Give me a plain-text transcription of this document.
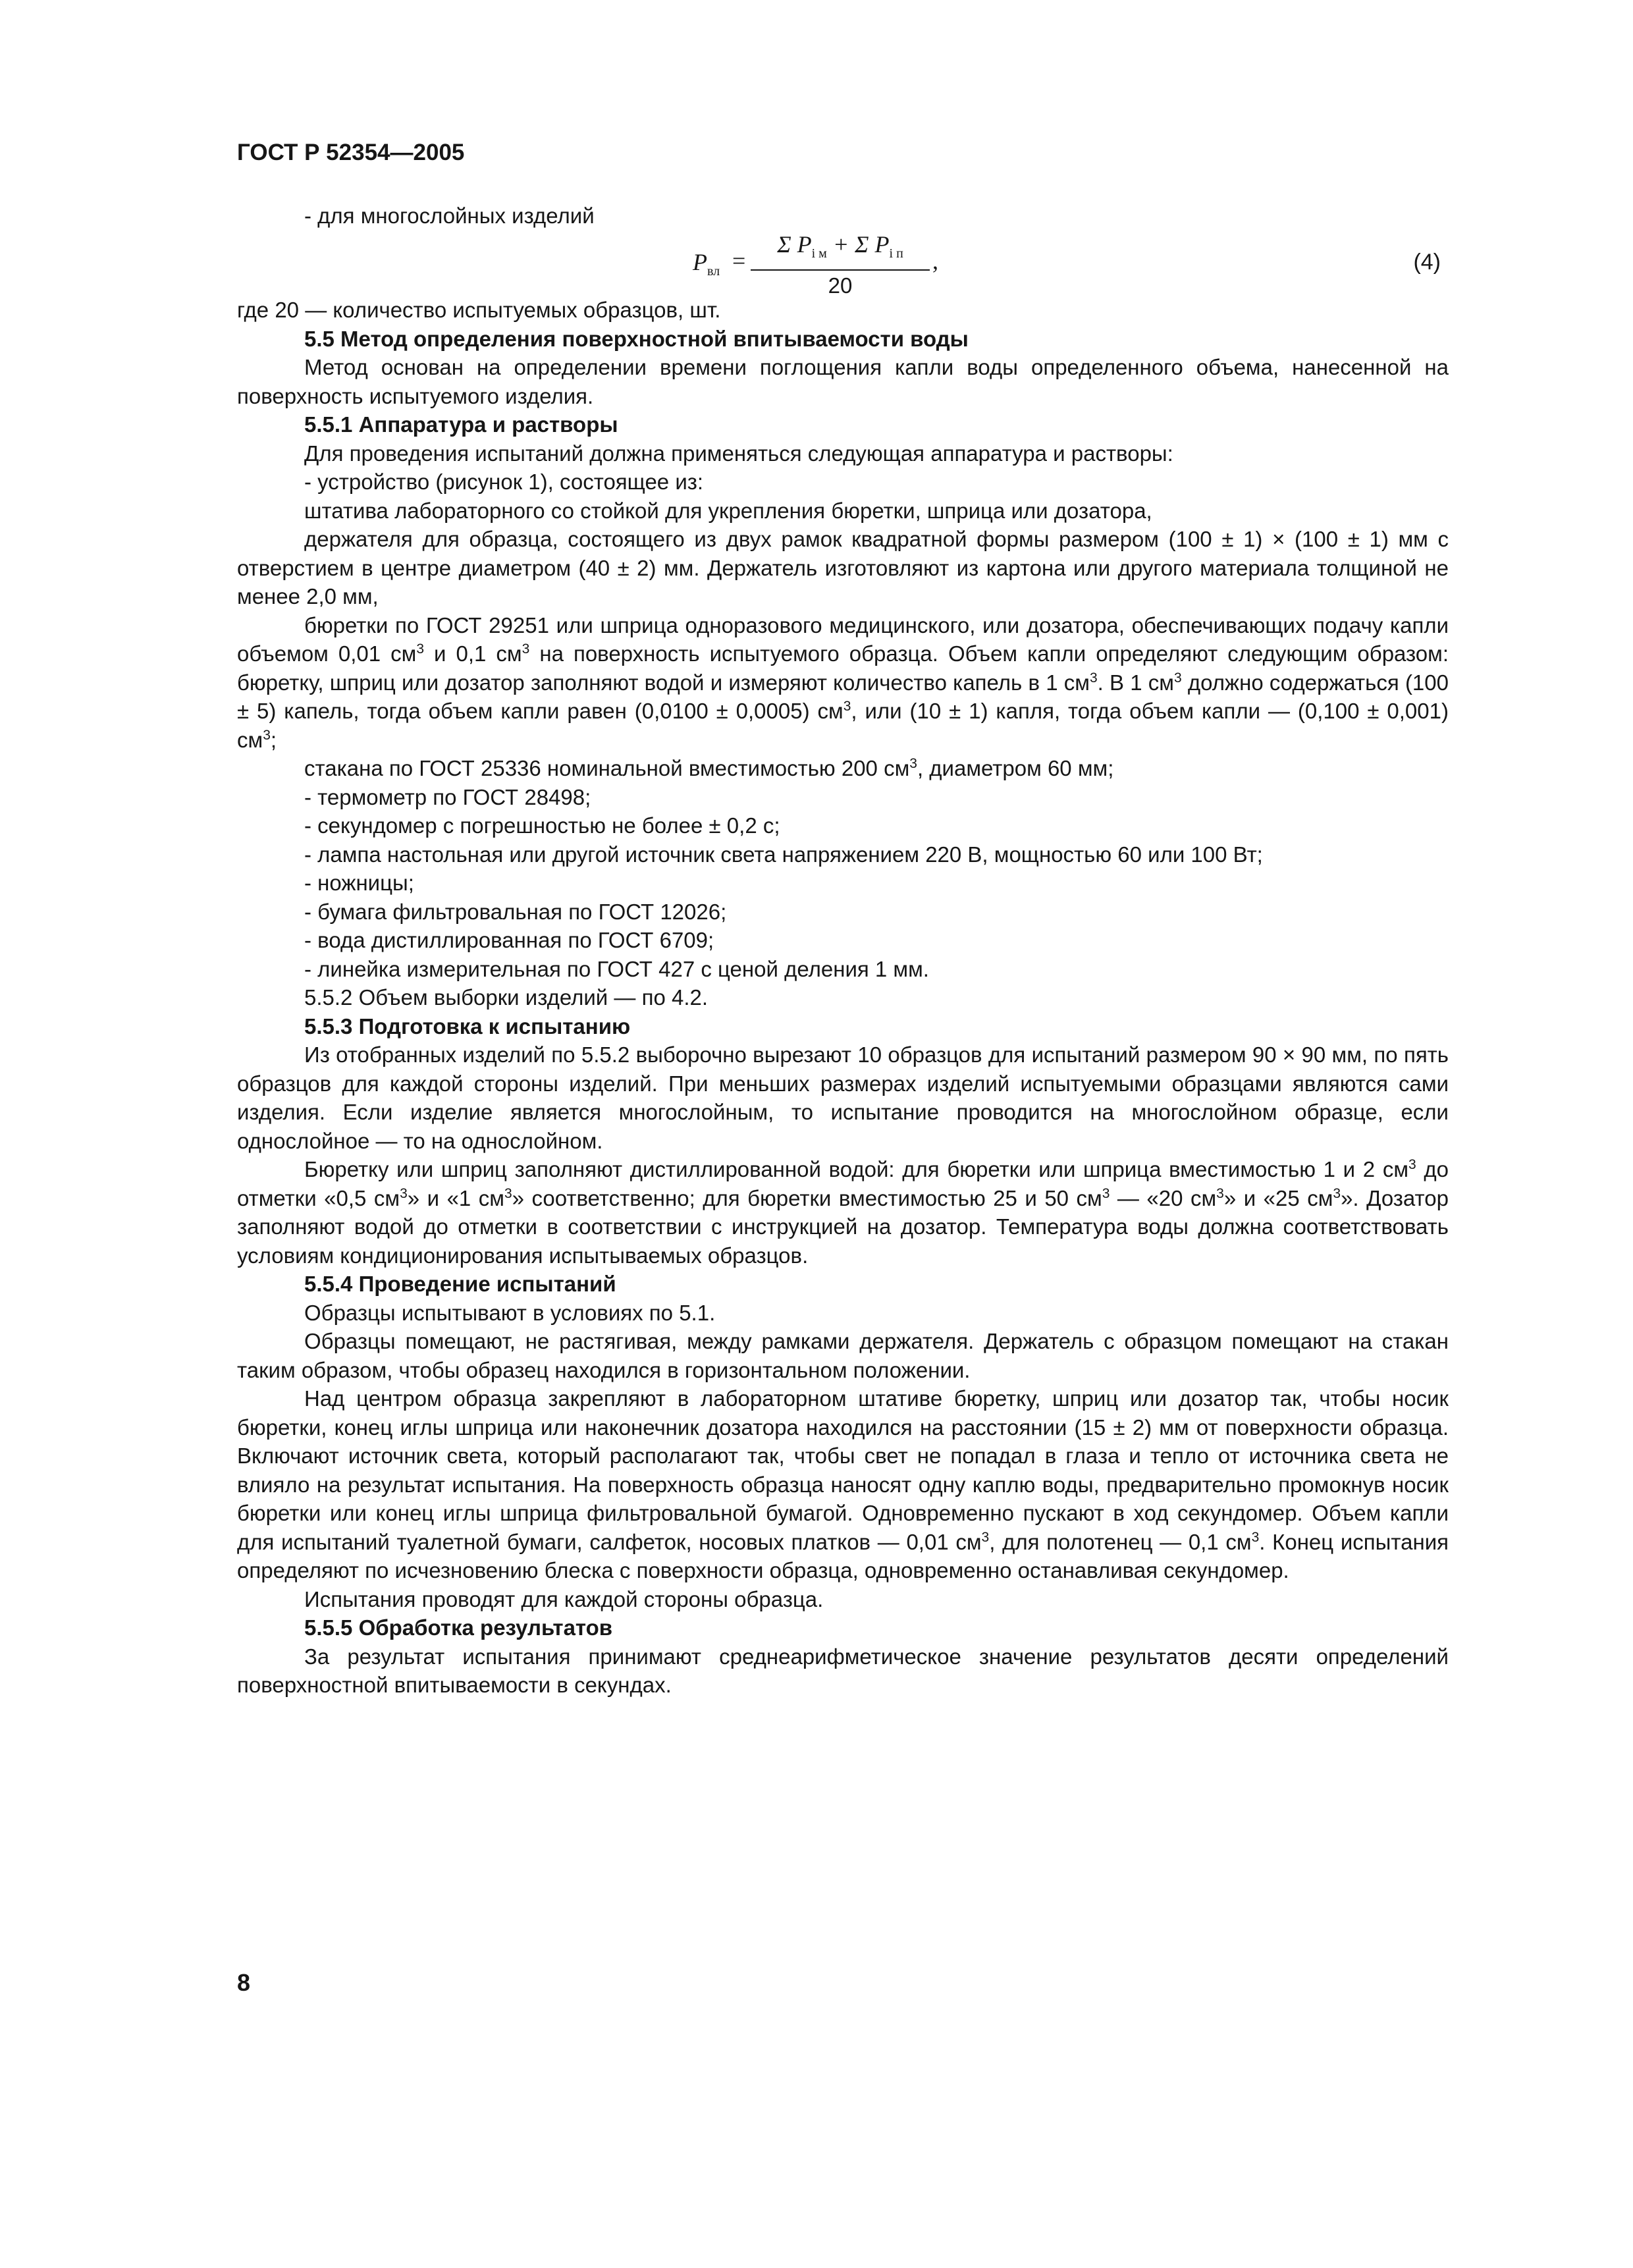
ГОСТ Р 52354—2005
- для многослойных изделий
$P_{вл}$ =
Σ $P_{i м} + \Sigma$ $P_{i п}$
20
,	(4)
где 20 — количество испытуемых образцов, шт.
5.5 Метод определения поверхностной впитываемости воды
Метод основан на определении времени поглощения капли воды определенного объема, нанесенной на поверхность испытуемого изделия.
5.5.1 Аппаратура и растворы
Для проведения испытаний должна применяться следующая аппаратура и растворы:
- устройство (рисунок 1), состоящее из:
штатива лабораторного со стойкой для укрепления бюретки, шприца или дозатора,
держателя для образца, состоящего из двух рамок квадратной формы размером (100 ± 1) × (100 ± 1) мм с отверстием в центре диаметром (40 ± 2) мм. Держатель изготовляют из картона или другого материала толщиной не менее 2,0 мм,
бюретки по ГОСТ 29251 или шприца одноразового медицинского, или дозатора, обеспечивающих подачу капли объемом 0,01 $см^3$ и 0,1 $см^3$ на поверхность испытуемого образца. Объем капли определяют следующим образом: бюретку, шприц или дозатор заполняют водой и измеряют количество капель в 1 $см^3$. В 1 $см^3$ должно содержаться (100 ± 5) капель, тогда объем капли равен (0,0100 ± 0,0005) $см^3$, или (10 ± 1) капля, тогда объем капли — (0,100 ± 0,001) $см^3$;
стакана по ГОСТ 25336 номинальной вместимостью 200 $см^3$, диаметром 60 мм;
- термометр по ГОСТ 28498;
- секундомер с погрешностью не более ± 0,2 с;
- лампа настольная или другой источник света напряжением 220 В, мощностью 60 или 100 Вт;
- ножницы;
- бумага фильтровальная по ГОСТ 12026;
- вода дистиллированная по ГОСТ 6709;
- линейка измерительная по ГОСТ 427 с ценой деления 1 мм.
5.5.2 Объем выборки изделий — по 4.2.
5.5.3 Подготовка к испытанию
Из отобранных изделий по 5.5.2 выборочно вырезают 10 образцов для испытаний размером 90 × 90 мм, по пять образцов для каждой стороны изделий. При меньших размерах изделий испытуемыми образцами являются сами изделия. Если изделие является многослойным, то испытание проводится на многослойном образце, если однослойное — то на однослойном.
Бюретку или шприц заполняют дистиллированной водой: для бюретки или шприца вместимостью 1 и 2 $см^3$ до отметки «0,5 $см^3$» и «1 $см^3$» соответственно; для бюретки вместимостью 25 и 50 $см^3$ — «20 $см^3$» и «25 $см^3$». Дозатор заполняют водой до отметки в соответствии с инструкцией на дозатор. Температура воды должна соответствовать условиям кондиционирования испытываемых образцов.
5.5.4 Проведение испытаний
Образцы испытывают в условиях по 5.1.
Образцы помещают, не растягивая, между рамками держателя. Держатель с образцом помещают на стакан таким образом, чтобы образец находился в горизонтальном положении.
Над центром образца закрепляют в лабораторном штативе бюретку, шприц или дозатор так, чтобы носик бюретки, конец иглы шприца или наконечник дозатора находился на расстоянии (15 ± 2) мм от поверхности образца. Включают источник света, который располагают так, чтобы свет не попадал в глаза и тепло от источника света не влияло на результат испытания. На поверхность образца наносят одну каплю воды, предварительно промокнув носик бюретки или конец иглы шприца фильтровальной бумагой. Одновременно пускают в ход секундомер. Объем капли для испытаний туалетной бумаги, салфеток, носовых платков — 0,01 $см^3$, для полотенец — 0,1 $см^3$. Конец испытания определяют по исчезновению блеска с поверхности образца, одновременно останавливая секундомер.
Испытания проводят для каждой стороны образца.
5.5.5 Обработка результатов
За результат испытания принимают среднеарифметическое значение результатов десяти определений поверхностной впитываемости в секундах.
8
